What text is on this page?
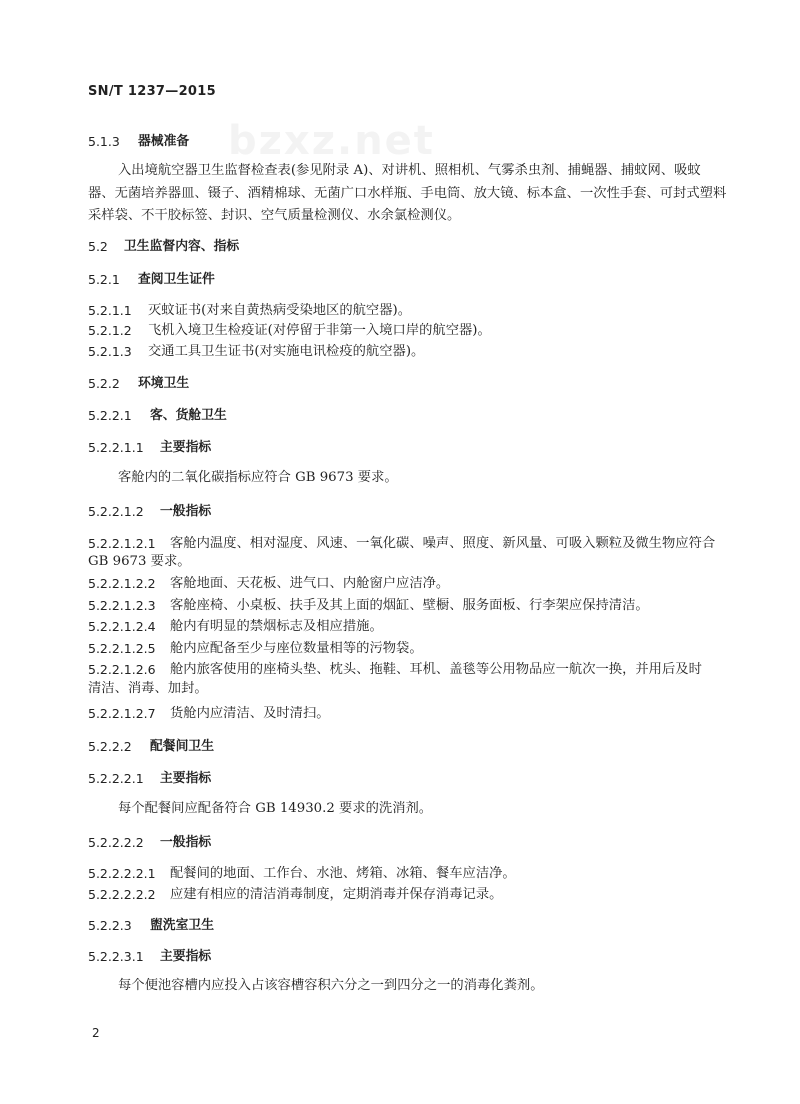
bzxz.net
SN/T 1237—2015
5.1.3 器械准备
入出境航空器卫生监督检查表(参见附录 A)、对讲机、照相机、气雾杀虫剂、捕蝇器、捕蚊网、吸蚊
器、无菌培养器皿、镊子、酒精棉球、无菌广口水样瓶、手电筒、放大镜、标本盒、一次性手套、可封式塑料
采样袋、不干胶标签、封识、空气质量检测仪、水余氯检测仪。
5.2 卫生监督内容、指标
5.2.1 查阅卫生证件
5.2.1.1 灭蚊证书(对来自黄热病受染地区的航空器)。
5.2.1.2 飞机入境卫生检疫证(对停留于非第一入境口岸的航空器)。
5.2.1.3 交通工具卫生证书(对实施电讯检疫的航空器)。
5.2.2 环境卫生
5.2.2.1 客、货舱卫生
5.2.2.1.1 主要指标
客舱内的二氧化碳指标应符合 GB 9673 要求。
5.2.2.1.2 一般指标
5.2.2.1.2.1 客舱内温度、相对湿度、风速、一氧化碳、噪声、照度、新风量、可吸入颗粒及微生物应符合
GB 9673 要求。
5.2.2.1.2.2 客舱地面、天花板、进气口、内舱窗户应洁净。
5.2.2.1.2.3 客舱座椅、小桌板、扶手及其上面的烟缸、壁橱、服务面板、行李架应保持清洁。
5.2.2.1.2.4 舱内有明显的禁烟标志及相应措施。
5.2.2.1.2.5 舱内应配备至少与座位数量相等的污物袋。
5.2.2.1.2.6 舱内旅客使用的座椅头垫、枕头、拖鞋、耳机、盖毯等公用物品应一航次一换，并用后及时
清洁、消毒、加封。
5.2.2.1.2.7 货舱内应清洁、及时清扫。
5.2.2.2 配餐间卫生
5.2.2.2.1 主要指标
每个配餐间应配备符合 GB 14930.2 要求的洗消剂。
5.2.2.2.2 一般指标
5.2.2.2.2.1 配餐间的地面、工作台、水池、烤箱、冰箱、餐车应洁净。
5.2.2.2.2.2 应建有相应的清洁消毒制度，定期消毒并保存消毒记录。
5.2.2.3 盥洗室卫生
5.2.2.3.1 主要指标
每个便池容槽内应投入占该容槽容积六分之一到四分之一的消毒化粪剂。
2
